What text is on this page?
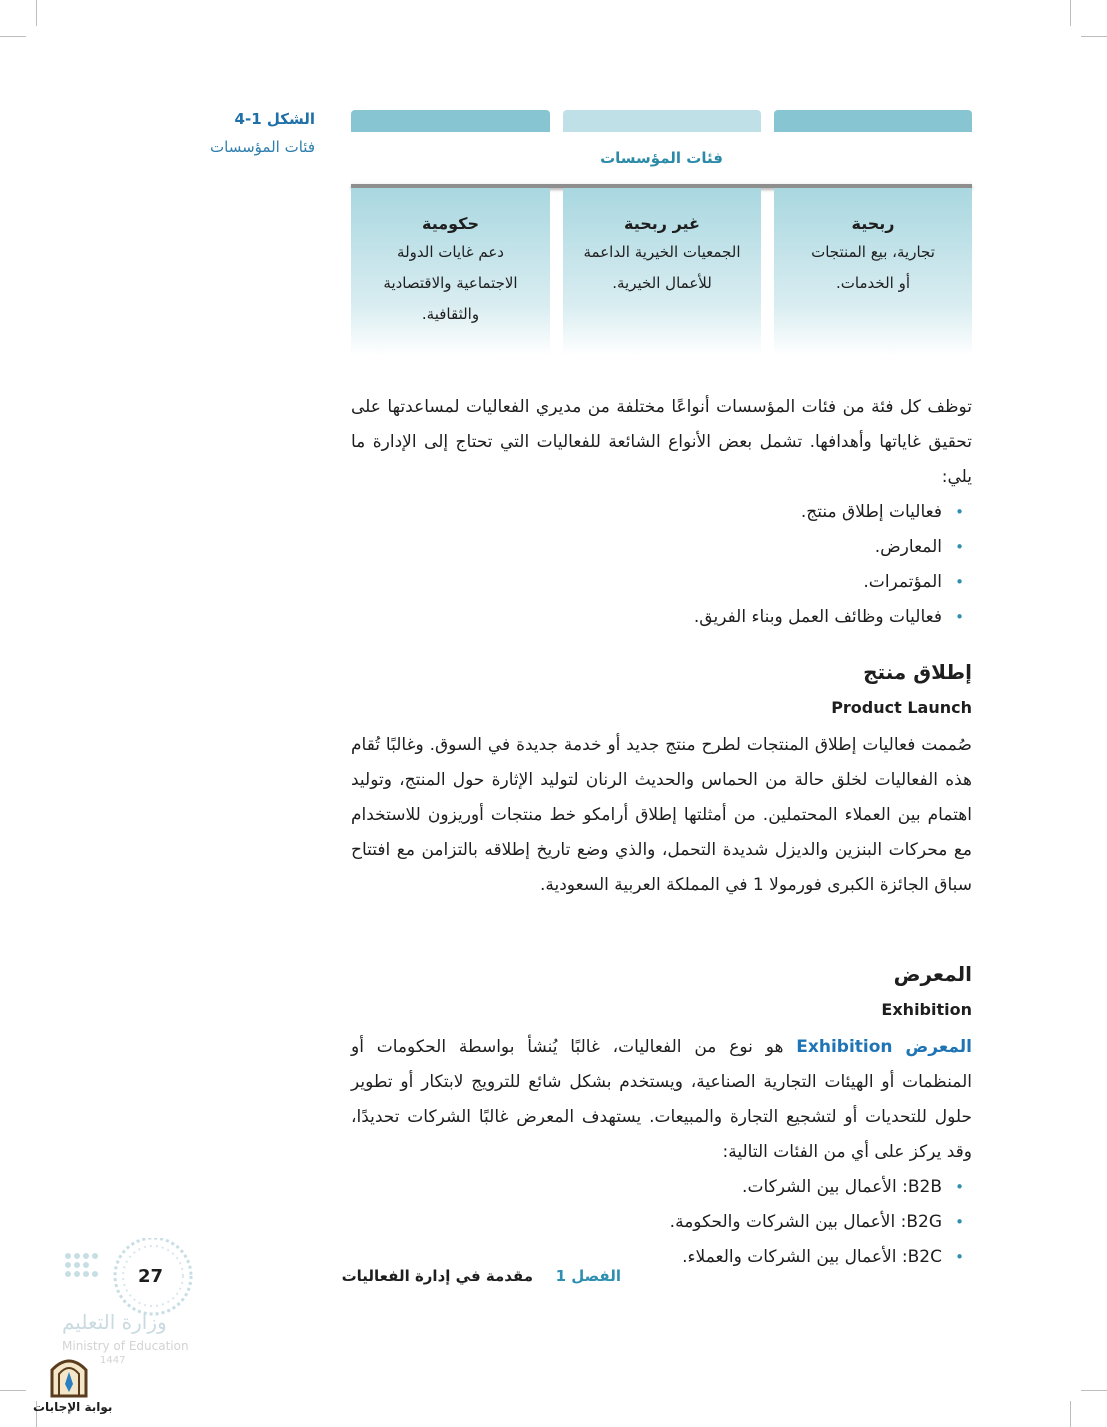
الشكل 1-4
فئات المؤسسات
فئات المؤسسات
ربحية
تجارية، بيع المنتجات
أو الخدمات.
غير ربحية
الجمعيات الخيرية الداعمة
للأعمال الخيرية.
حكومية
دعم غايات الدولة
الاجتماعية والاقتصادية
والثقافية.
توظف كل فئة من فئات المؤسسات أنواعًا مختلفة من مديري الفعاليات لمساعدتها على تحقيق غاياتها وأهدافها. تشمل بعض الأنواع الشائعة للفعاليات التي تحتاج إلى الإدارة ما يلي:
•
فعاليات إطلاق منتج.
•
المعارض.
•
المؤتمرات.
•
فعاليات وظائف العمل وبناء الفريق.
إطلاق منتج
Product Launch
صُممت فعاليات إطلاق المنتجات لطرح منتج جديد أو خدمة جديدة في السوق. وغالبًا تُقام هذه الفعاليات لخلق حالة من الحماس والحديث الرنان لتوليد الإثارة حول المنتج، وتوليد اهتمام بين العملاء المحتملين. من أمثلتها إطلاق أرامكو خط منتجات أوريزون للاستخدام مع محركات البنزين والديزل شديدة التحمل، والذي وضع تاريخ إطلاقه بالتزامن مع افتتاح سباق الجائزة الكبرى فورمولا 1 في المملكة العربية السعودية.
المعرض
Exhibition
المعرض Exhibition هو نوع من الفعاليات، غالبًا يُنشأ بواسطة الحكومات أو المنظمات أو الهيئات التجارية الصناعية، ويستخدم بشكل شائع للترويج لابتكار أو تطوير حلول للتحديات أو لتشجيع التجارة والمبيعات. يستهدف المعرض غالبًا الشركات تحديدًا، وقد يركز على أي من الفئات التالية:
•
B2B: الأعمال بين الشركات.
•
B2G: الأعمال بين الشركات والحكومة.
•
B2C: الأعمال بين الشركات والعملاء.
الفصل 1
مقدمة في إدارة الفعاليات
27
وزارة التعليم
Ministry of Education
1447
بوابة الإجابات
